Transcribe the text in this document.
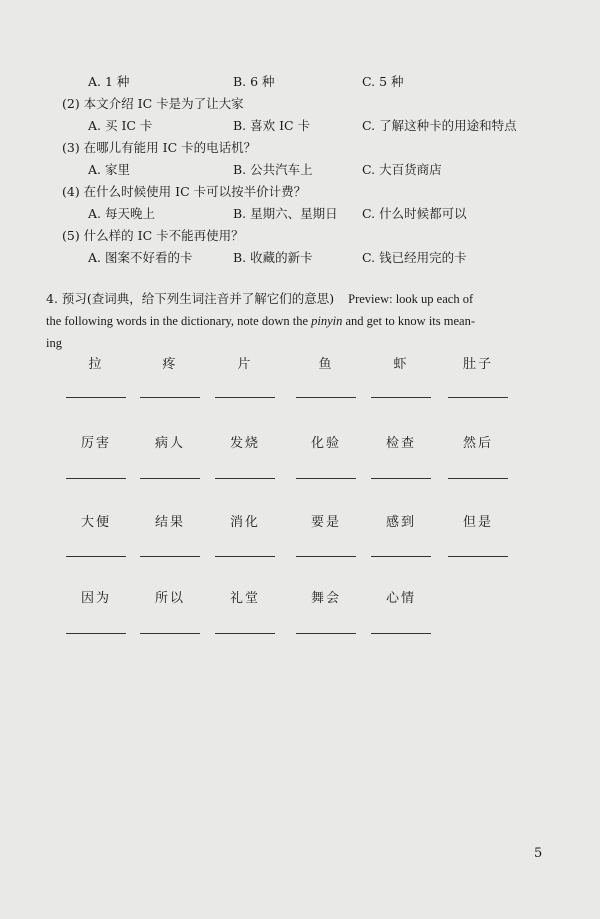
A. 1 种	B. 6 种	C. 5 种
(2) 本文介绍 IC 卡是为了让大家
A. 买 IC 卡	B. 喜欢 IC 卡	C. 了解这种卡的用途和特点
(3) 在哪儿有能用 IC 卡的电话机？
A. 家里	B. 公共汽车上	C. 大百货商店
(4) 在什么时候使用 IC 卡可以按半价计费？
A. 每天晚上	B. 星期六、星期日 C. 什么时候都可以
(5) 什么样的 IC 卡不能再使用？
A. 图案不好看的卡	B. 收藏的新卡	C. 钱已经用完的卡
4. 预习(查词典，给下列生词注音并了解它们的意思) Preview: look up each of
the following words in the dictionary, note down the pinyin and get to know its mean-
ing
拉	疼	片	鱼	虾	肚子
厉害	病人	发烧	化验	检查	然后
大便	结果	消化	要是	感到	但是
因为	所以	礼堂	舞会	心情
5
